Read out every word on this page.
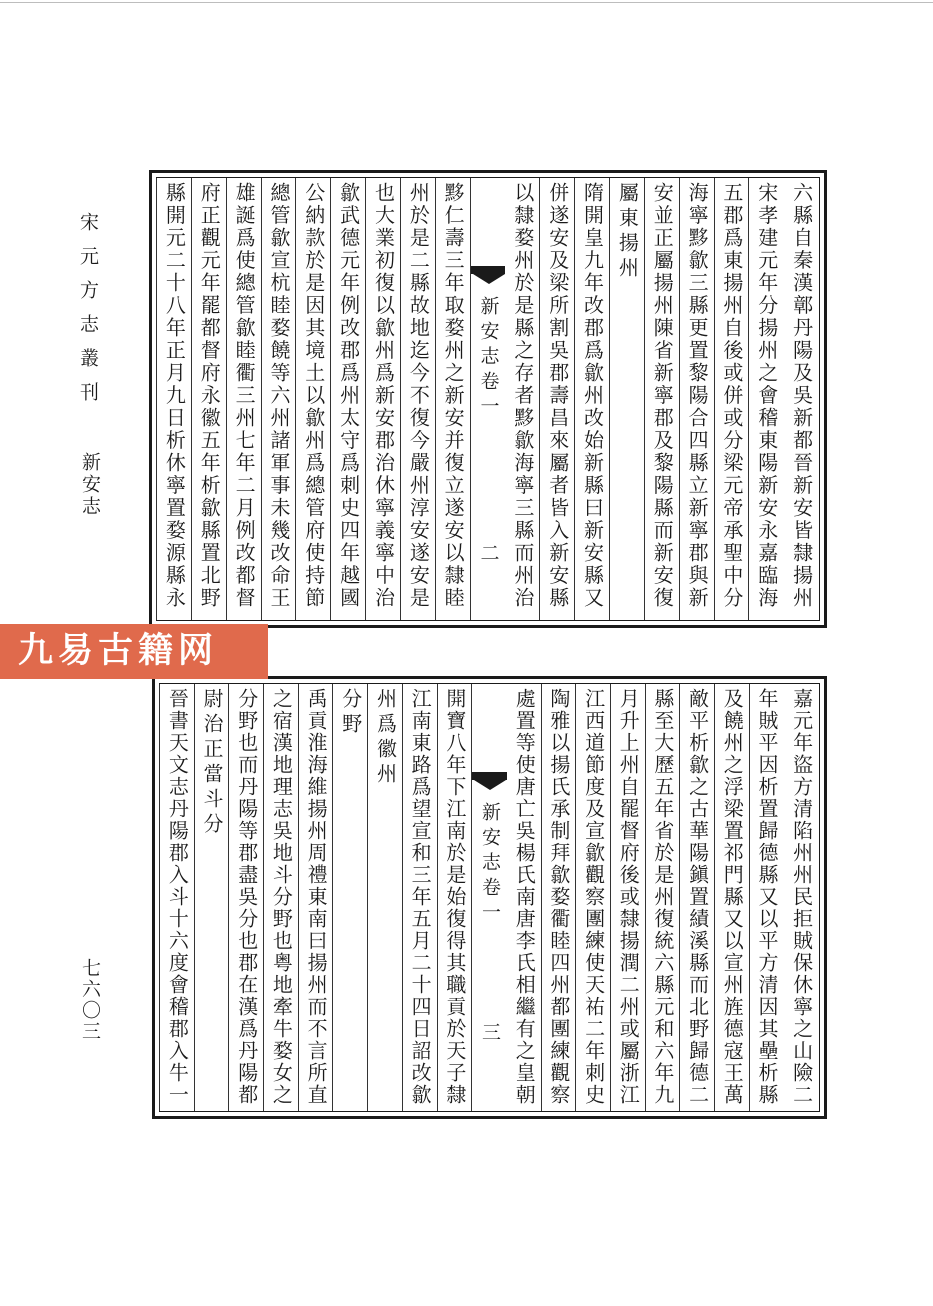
宋元方志叢刊
新安志
七六〇三
六縣自秦漢鄣丹陽及吳新都晉新安皆隸揚州
宋孝建元年分揚州之會稽東陽新安永嘉臨海
五郡爲東揚州自後或併或分梁元帝承聖中分
海寧黟歙三縣更置黎陽合四縣立新寧郡與新
安並正屬揚州陳省新寧郡及黎陽縣而新安復
屬東揚州
隋開皇九年改郡爲歙州改始新縣曰新安縣又
併遂安及梁所割吳郡壽昌來屬者皆入新安縣
以隸婺州於是縣之存者黟歙海寧三縣而州治
新安志卷一
二
黟仁壽三年取婺州之新安并復立遂安以隸睦
州於是二縣故地迄今不復今嚴州淳安遂安是
也大業初復以歙州爲新安郡治休寧義寧中治
歙武德元年例改郡爲州太守爲刺史四年越國
公納款於是因其境土以歙州爲總管府使持節
總管歙宣杭睦婺饒等六州諸軍事未幾改命王
雄誕爲使總管歙睦衢三州七年二月例改都督
府正觀元年罷都督府永徽五年析歙縣置北野
縣開元二十八年正月九日析休寧置婺源縣永
嘉元年盜方清陷州州民拒賊保休寧之山險二
年賊平因析置歸德縣又以平方清因其壘析縣
及饒州之浮梁置祁門縣又以宣州旌德寇王萬
敵平析歙之古華陽鎭置績溪縣而北野歸德二
縣至大歷五年省於是州復統六縣元和六年九
月升上州自罷督府後或隸揚潤二州或屬浙江
江西道節度及宣歙觀察團練使天祐二年刺史
陶雅以揚氏承制拜歙婺衢睦四州都團練觀察
處置等使唐亡吳楊氏南唐李氏相繼有之皇朝
新安志卷一
三
開寶八年下江南於是始復得其職貢於天子隸
江南東路爲望宣和三年五月二十四日詔改歙
州爲徽州
分野
禹貢淮海維揚州周禮東南曰揚州而不言所直
之宿漢地理志吳地斗分野也粤地牽牛婺女之
分野也而丹陽等郡盡吳分也郡在漢爲丹陽都
尉治正當斗分
晉書天文志丹陽郡入斗十六度會稽郡入牛一
九易古籍网
